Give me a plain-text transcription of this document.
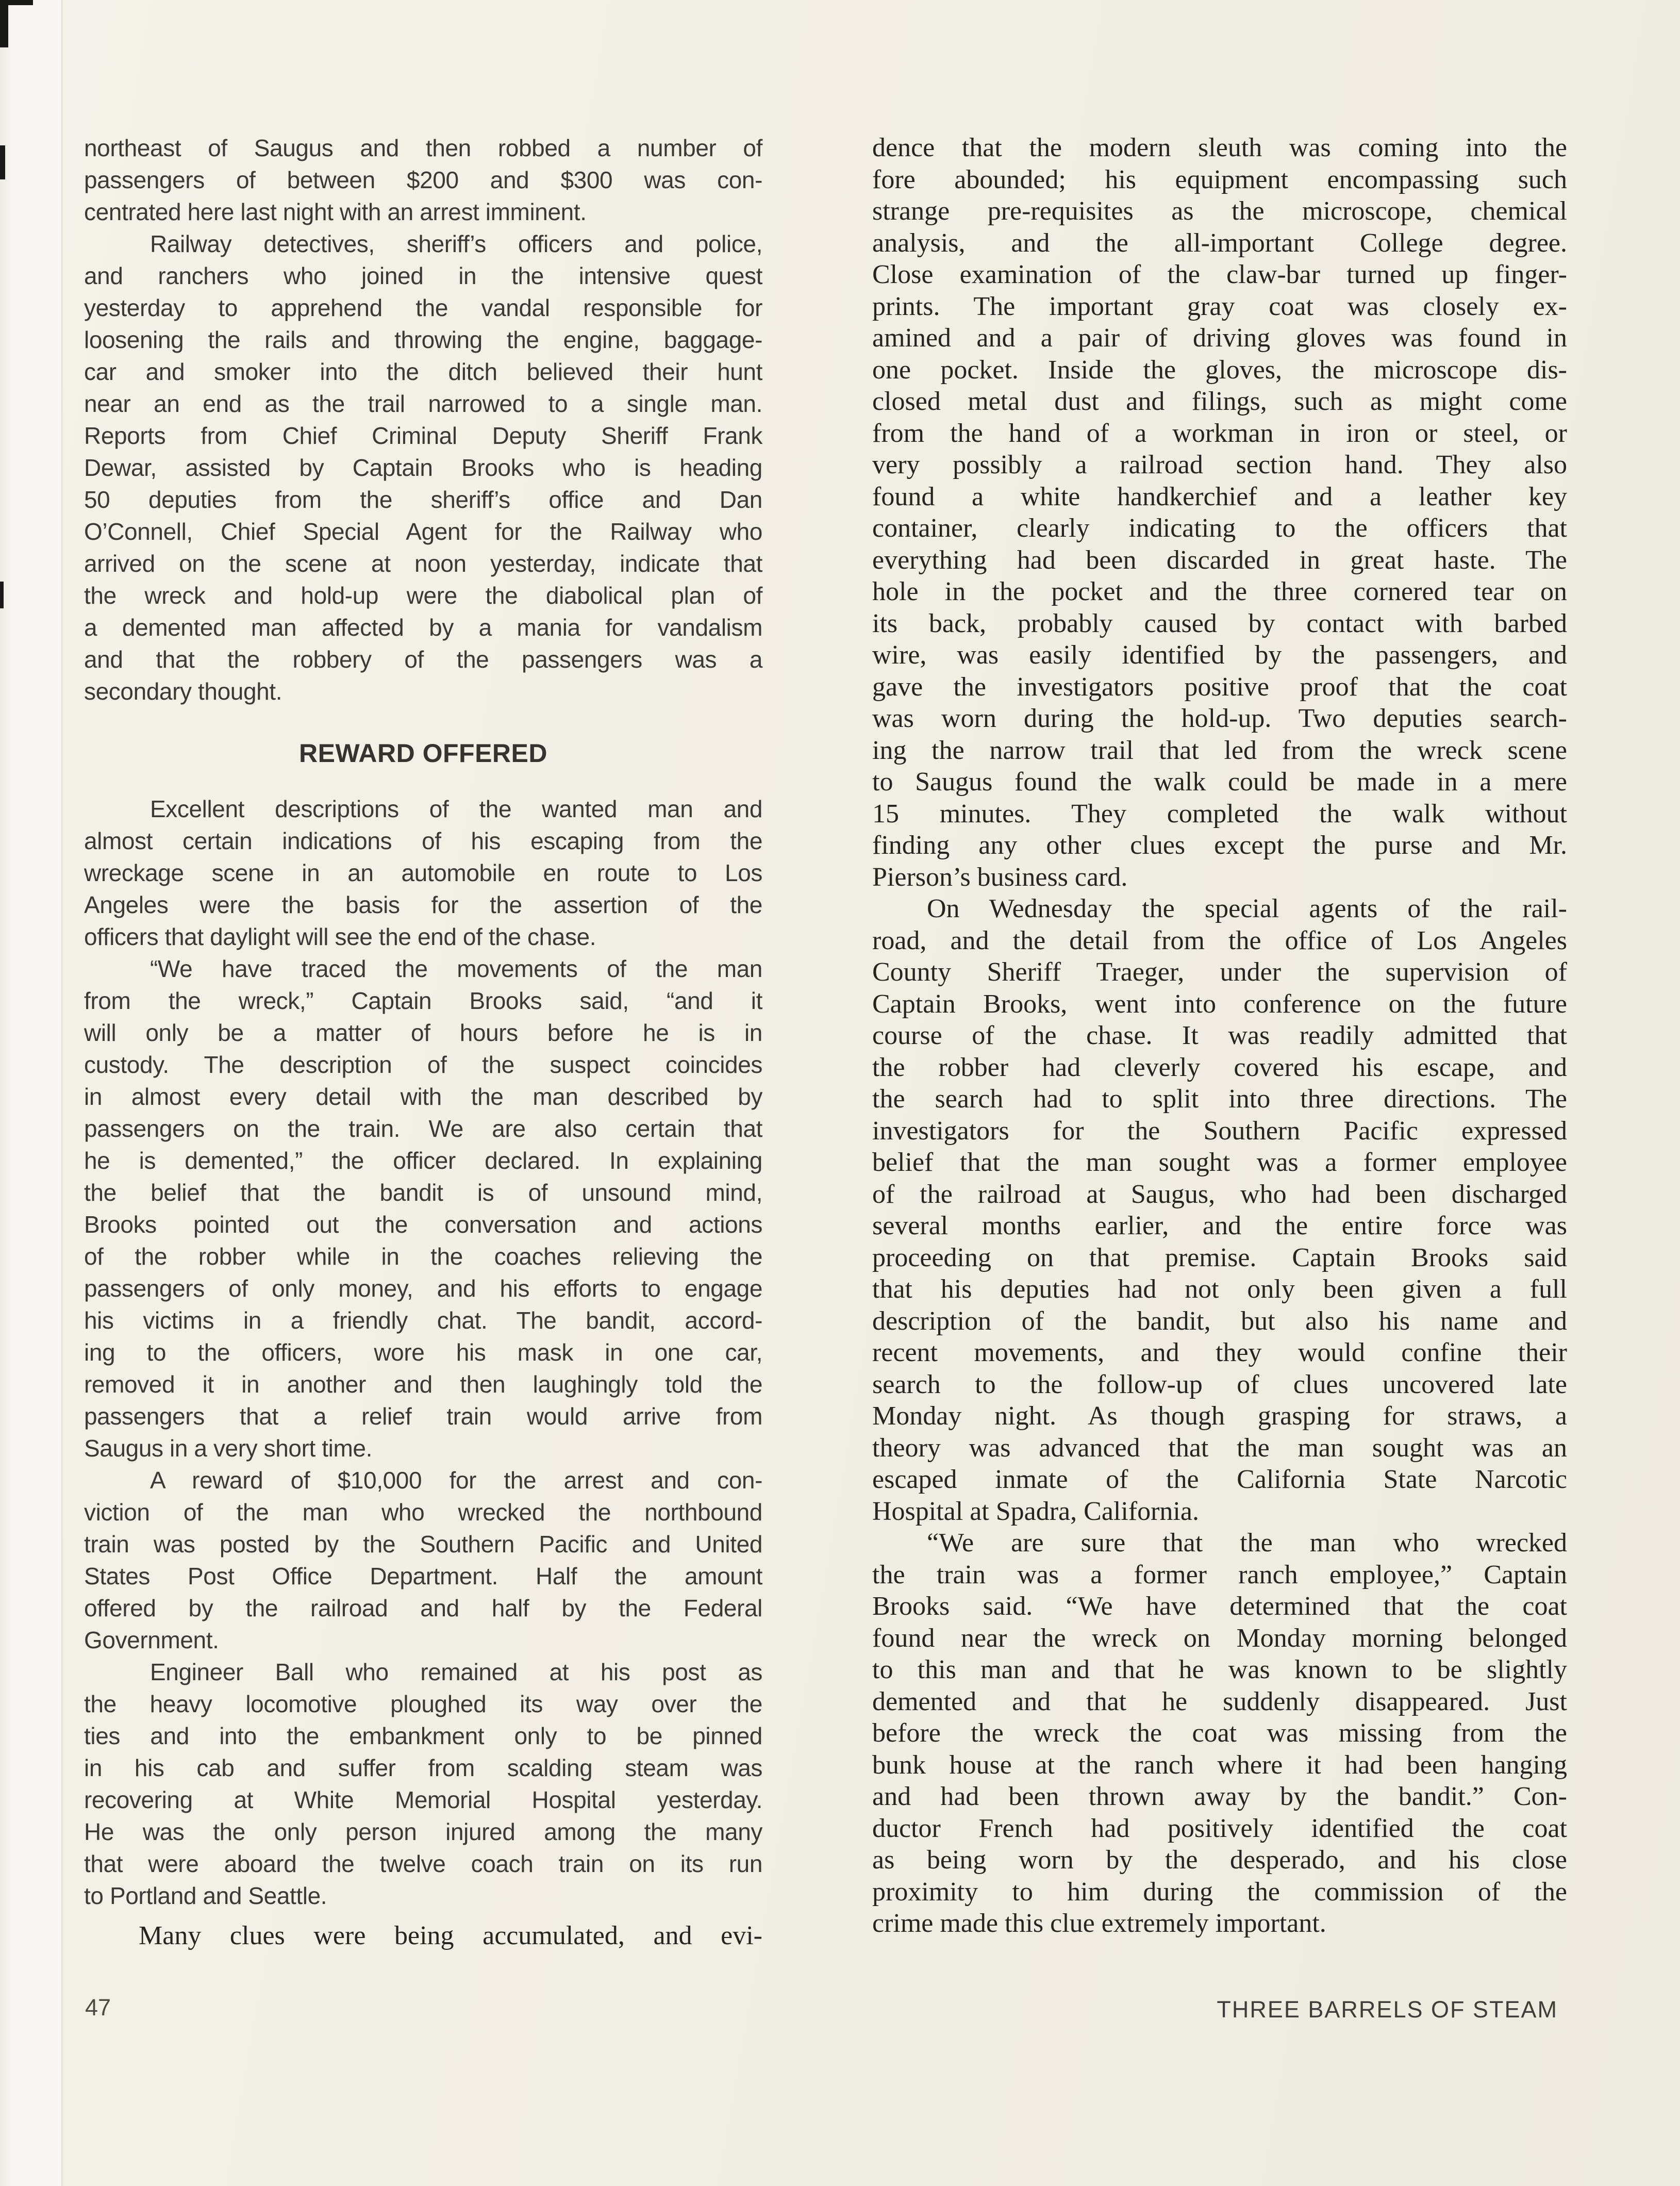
northeast of Saugus and then robbed a number of
passengers of between $200 and $300 was con-
centrated here last night with an arrest imminent.
Railway detectives, sheriff’s officers and police,
and ranchers who joined in the intensive quest
yesterday to apprehend the vandal responsible for
loosening the rails and throwing the engine, baggage-
car and smoker into the ditch believed their hunt
near an end as the trail narrowed to a single man.
Reports from Chief Criminal Deputy Sheriff Frank
Dewar, assisted by Captain Brooks who is heading
50 deputies from the sheriff’s office and Dan
O’Connell, Chief Special Agent for the Railway who
arrived on the scene at noon yesterday, indicate that
the wreck and hold-up were the diabolical plan of
a demented man affected by a mania for vandalism
and that the robbery of the passengers was a
secondary thought.
REWARD OFFERED
Excellent descriptions of the wanted man and
almost certain indications of his escaping from the
wreckage scene in an automobile en route to Los
Angeles were the basis for the assertion of the
officers that daylight will see the end of the chase.
“We have traced the movements of the man
from the wreck,” Captain Brooks said, “and it
will only be a matter of hours before he is in
custody. The description of the suspect coincides
in almost every detail with the man described by
passengers on the train. We are also certain that
he is demented,” the officer declared. In explaining
the belief that the bandit is of unsound mind,
Brooks pointed out the conversation and actions
of the robber while in the coaches relieving the
passengers of only money, and his efforts to engage
his victims in a friendly chat. The bandit, accord-
ing to the officers, wore his mask in one car,
removed it in another and then laughingly told the
passengers that a relief train would arrive from
Saugus in a very short time.
A reward of $10,000 for the arrest and con-
viction of the man who wrecked the northbound
train was posted by the Southern Pacific and United
States Post Office Department. Half the amount
offered by the railroad and half by the Federal
Government.
Engineer Ball who remained at his post as
the heavy locomotive ploughed its way over the
ties and into the embankment only to be pinned
in his cab and suffer from scalding steam was
recovering at White Memorial Hospital yesterday.
He was the only person injured among the many
that were aboard the twelve coach train on its run
to Portland and Seattle.
Many clues were being accumulated, and evi-
dence that the modern sleuth was coming into the
fore abounded; his equipment encompassing such
strange pre-requisites as the microscope, chemical
analysis, and the all-important College degree.
Close examination of the claw-bar turned up finger-
prints. The important gray coat was closely ex-
amined and a pair of driving gloves was found in
one pocket. Inside the gloves, the microscope dis-
closed metal dust and filings, such as might come
from the hand of a workman in iron or steel, or
very possibly a railroad section hand. They also
found a white handkerchief and a leather key
container, clearly indicating to the officers that
everything had been discarded in great haste. The
hole in the pocket and the three cornered tear on
its back, probably caused by contact with barbed
wire, was easily identified by the passengers, and
gave the investigators positive proof that the coat
was worn during the hold-up. Two deputies search-
ing the narrow trail that led from the wreck scene
to Saugus found the walk could be made in a mere
15 minutes. They completed the walk without
finding any other clues except the purse and Mr.
Pierson’s business card.
On Wednesday the special agents of the rail-
road, and the detail from the office of Los Angeles
County Sheriff Traeger, under the supervision of
Captain Brooks, went into conference on the future
course of the chase. It was readily admitted that
the robber had cleverly covered his escape, and
the search had to split into three directions. The
investigators for the Southern Pacific expressed
belief that the man sought was a former employee
of the railroad at Saugus, who had been discharged
several months earlier, and the entire force was
proceeding on that premise. Captain Brooks said
that his deputies had not only been given a full
description of the bandit, but also his name and
recent movements, and they would confine their
search to the follow-up of clues uncovered late
Monday night. As though grasping for straws, a
theory was advanced that the man sought was an
escaped inmate of the California State Narcotic
Hospital at Spadra, California.
“We are sure that the man who wrecked
the train was a former ranch employee,” Captain
Brooks said. “We have determined that the coat
found near the wreck on Monday morning belonged
to this man and that he was known to be slightly
demented and that he suddenly disappeared. Just
before the wreck the coat was missing from the
bunk house at the ranch where it had been hanging
and had been thrown away by the bandit.” Con-
ductor French had positively identified the coat
as being worn by the desperado, and his close
proximity to him during the commission of the
crime made this clue extremely important.
47	THREE BARRELS OF STEAM
